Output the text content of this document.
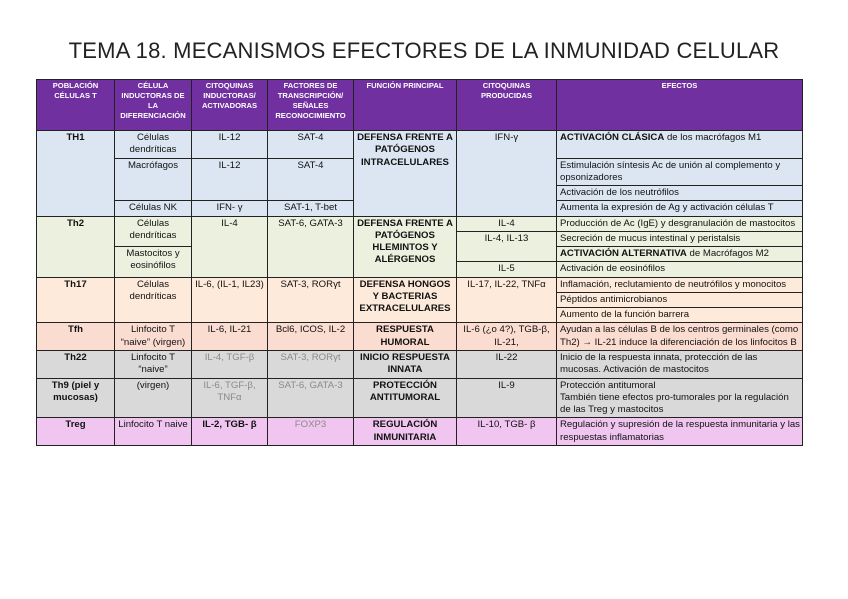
TEMA 18. MECANISMOS EFECTORES DE LA INMUNIDAD CELULAR
POBLACIÓN CÉLULAS T	CÉLULA INDUCTORAS DE LA DIFERENCIACIÓN	CITOQUINAS INDUCTORAS/ ACTIVADORAS	FACTORES DE TRANSCRIPCIÓN/ SEÑALES RECONOCIMIENTO	FUNCIÓN PRINCIPAL	CITOQUINAS PRODUCIDAS	EFECTOS
TH1	Células dendríticas	IL-12	SAT-4	DEFENSA FRENTE A PATÓGENOS INTRACELULARES	IFN-γ	ACTIVACIÓN CLÁSICA de los macrófagos M1
	Macrófagos	IL-12	SAT-4			Estimulación síntesis Ac de unión al complemento y opsonizadores
						Activación de los neutrófilos
	Células NK	IFN- γ	SAT-1, T-bet			Aumenta la expresión de Ag y activación células T

Th2	Células dendríticas	IL-4	SAT-6, GATA-3	DEFENSA FRENTE A PATÓGENOS HLEMINTOS Y ALÉRGENOS	IL-4	Producción de Ac (IgE) y desgranulación de mastocitos
					IL-4, IL-13	Secreción de mucus intestinal y peristalsis
	Mastocitos y eosinófilos					ACTIVACIÓN ALTERNATIVA de Macrófagos M2
					IL-5	Activación de eosinófilos
Th17	Células dendríticas	IL-6, (IL-1, IL23)	SAT-3, RORγt	DEFENSA HONGOS Y BACTERIAS EXTRACELULARES	IL-17, IL-22, TNFα	Inflamación, reclutamiento de neutrófilos y monocitos
						Péptidos antimicrobianos
						Aumento de la función barrera
Tfh	Linfocito T “naive” (virgen)	IL-6, IL-21	Bcl6, ICOS, IL-2	RESPUESTA HUMORAL	IL-6 (¿o 4?), TGB-β, IL-21,	Ayudan a las células B de los centros germinales (como Th2) → IL-21 induce la diferenciación de los linfocitos B
Th22	Linfocito T “naive”	IL-4, TGF-β	SAT-3, RORγt	INICIO RESPUESTA INNATA	IL-22	Inicio de la respuesta innata, protección de las mucosas. Activación de mastocitos
Th9 (piel y mucosas)	(virgen)	IL-6, TGF-β, TNFα	SAT-6, GATA-3	PROTECCIÓN ANTITUMORAL	IL-9	Protección antitumoral
También tiene efectos pro-tumorales por la regulación de las Treg y mastocitos

Treg	Linfocito T naive	IL-2, TGB- β	FOXP3	REGULACIÓN INMUNITARIA	IL-10, TGB- β	Regulación y supresión de la respuesta inmunitaria y las respuestas inflamatorias
